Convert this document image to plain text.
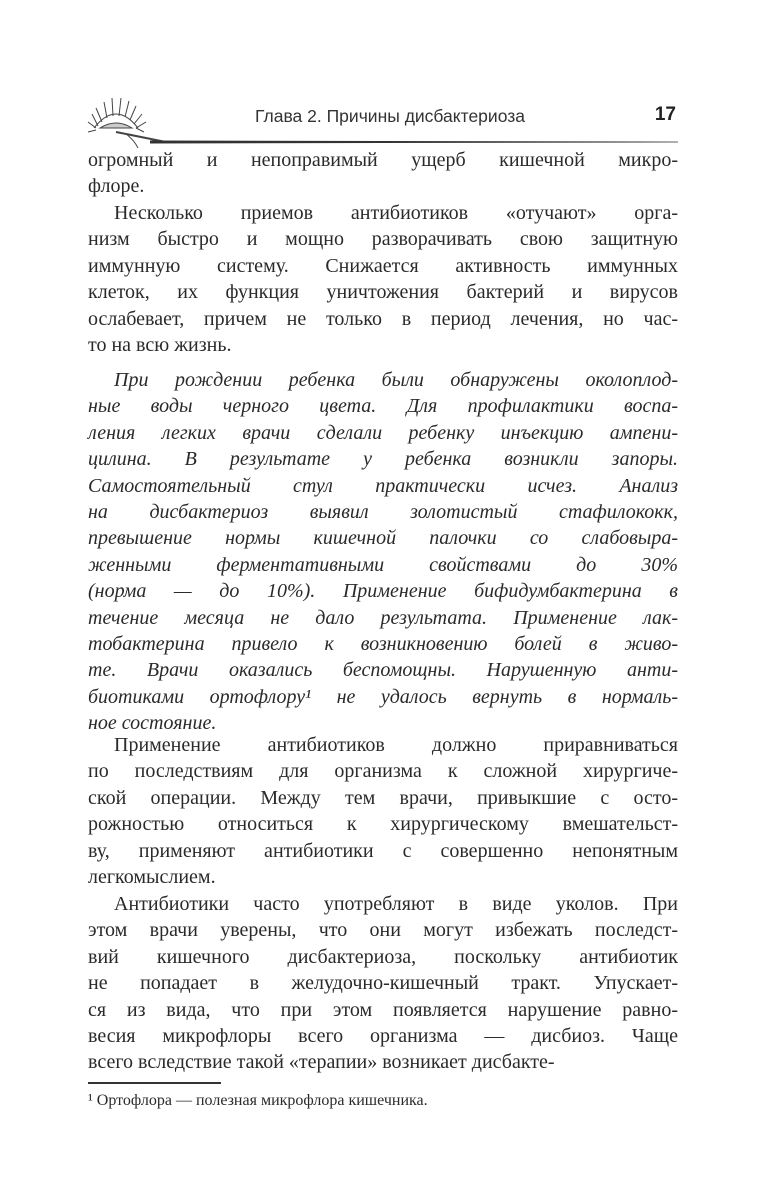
Глава 2. Причины дисбактериоза	17
огромный и непоправимый ущерб кишечной микро-
флоре.
Несколько приемов антибиотиков «отучают» орга-
низм быстро и мощно разворачивать свою защитную
иммунную систему. Снижается активность иммунных
клеток, их функция уничтожения бактерий и вирусов
ослабевает, причем не только в период лечения, но час-
то на всю жизнь.
При рождении ребенка были обнаружены околоплод-
ные воды черного цвета. Для профилактики воспа-
ления легких врачи сделали ребенку инъекцию ампени-
цилина. В результате у ребенка возникли запоры.
Самостоятельный стул практически исчез. Анализ
на дисбактериоз выявил золотистый стафилококк,
превышение нормы кишечной палочки со слабовыра-
женными ферментативными свойствами до 30%
(норма — до 10%). Применение бифидумбактерина в
течение месяца не дало результата. Применение лак-
тобактерина привело к возникновению болей в живо-
те. Врачи оказались беспомощны. Нарушенную анти-
биотиками ортофлору¹ не удалось вернуть в нормаль-
ное состояние.
Применение антибиотиков должно приравниваться
по последствиям для организма к сложной хирургиче-
ской операции. Между тем врачи, привыкшие с осто-
рожностью относиться к хирургическому вмешательст-
ву, применяют антибиотики с совершенно непонятным
легкомыслием.
Антибиотики часто употребляют в виде уколов. При
этом врачи уверены, что они могут избежать последст-
вий кишечного дисбактериоза, поскольку антибиотик
не попадает в желудочно-кишечный тракт. Упускает-
ся из вида, что при этом появляется нарушение равно-
весия микрофлоры всего организма — дисбиоз. Чаще
всего вследствие такой «терапии» возникает дисбакте-
¹ Ортофлора — полезная микрофлора кишечника.
